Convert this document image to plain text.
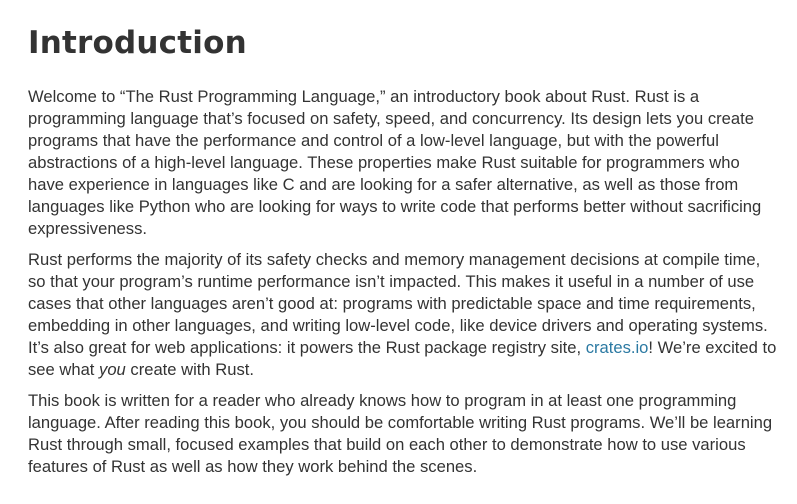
Introduction

Welcome to “The Rust Programming Language,” an introductory book about Rust. Rust is a programming language that’s focused on safety, speed, and concurrency. Its design lets you create programs that have the performance and control of a low-level language, but with the powerful abstractions of a high-level language. These properties make Rust suitable for programmers who have experience in languages like C and are looking for a safer alternative, as well as those from languages like Python who are looking for ways to write code that performs better without sacrificing expressiveness.

Rust performs the majority of its safety checks and memory management decisions at compile time, so that your program’s runtime performance isn’t impacted. This makes it useful in a number of use cases that other languages aren’t good at: programs with predictable space and time requirements, embedding in other languages, and writing low-level code, like device drivers and operating systems. It’s also great for web applications: it powers the Rust package registry site, crates.io! We’re excited to see what you create with Rust.

This book is written for a reader who already knows how to program in at least one programming language. After reading this book, you should be comfortable writing Rust programs. We’ll be learning Rust through small, focused examples that build on each other to demonstrate how to use various features of Rust as well as how they work behind the scenes.
